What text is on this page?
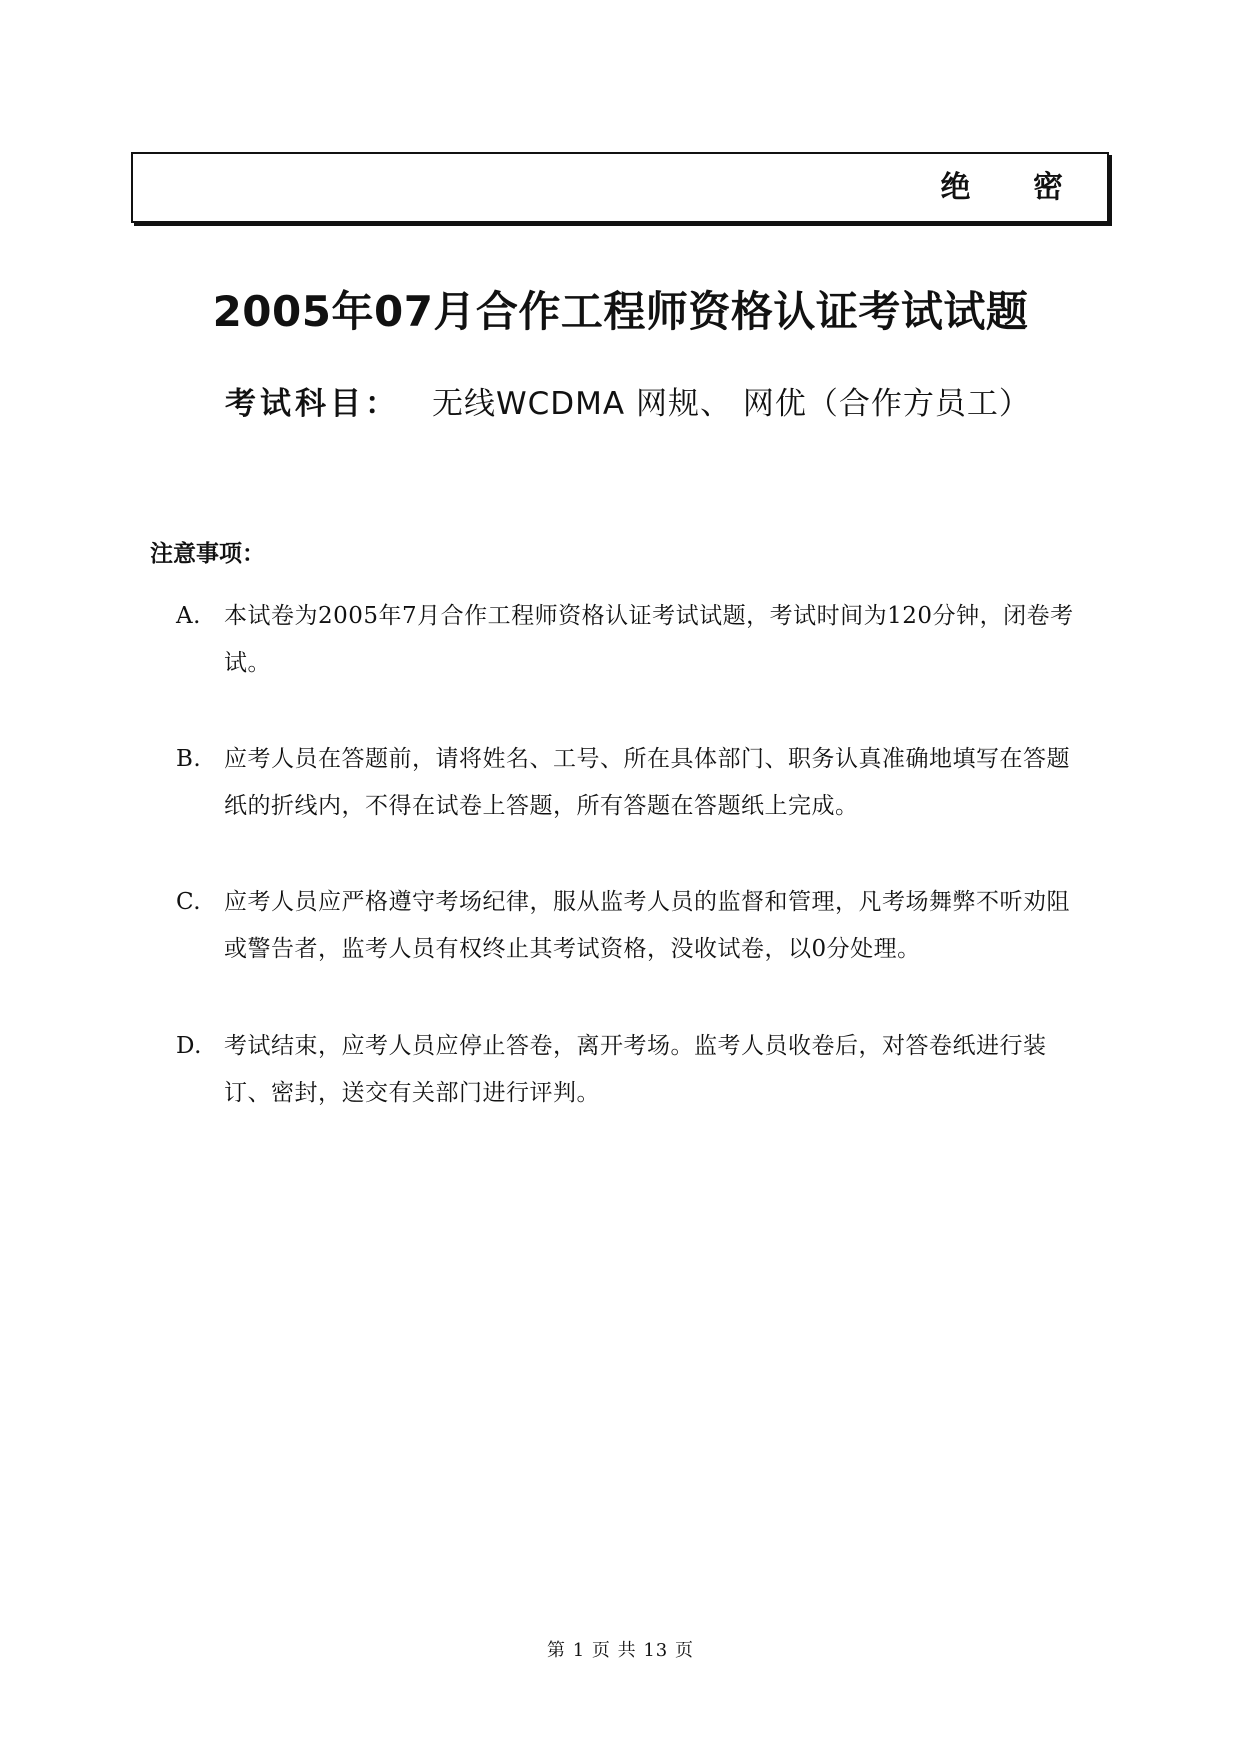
绝 密
2005年07月合作工程师资格认证考试试题
考试科目： 无线WCDMA 网规、 网优（合作方员工）
注意事项：
A.	本试卷为2005年7月合作工程师资格认证考试试题，考试时间为120分钟，闭卷考试。
B. 应考人员在答题前，请将姓名、工号、所在具体部门、职务认真准确地填写在答题纸的折线内，不得在试卷上答题，所有答题在答题纸上完成。
C. 应考人员应严格遵守考场纪律，服从监考人员的监督和管理，凡考场舞弊不听劝阻或警告者，监考人员有权终止其考试资格，没收试卷，以0分处理。
D. 考试结束，应考人员应停止答卷，离开考场。监考人员收卷后，对答卷纸进行装订、密封，送交有关部门进行评判。
第 1 页 共 13 页
